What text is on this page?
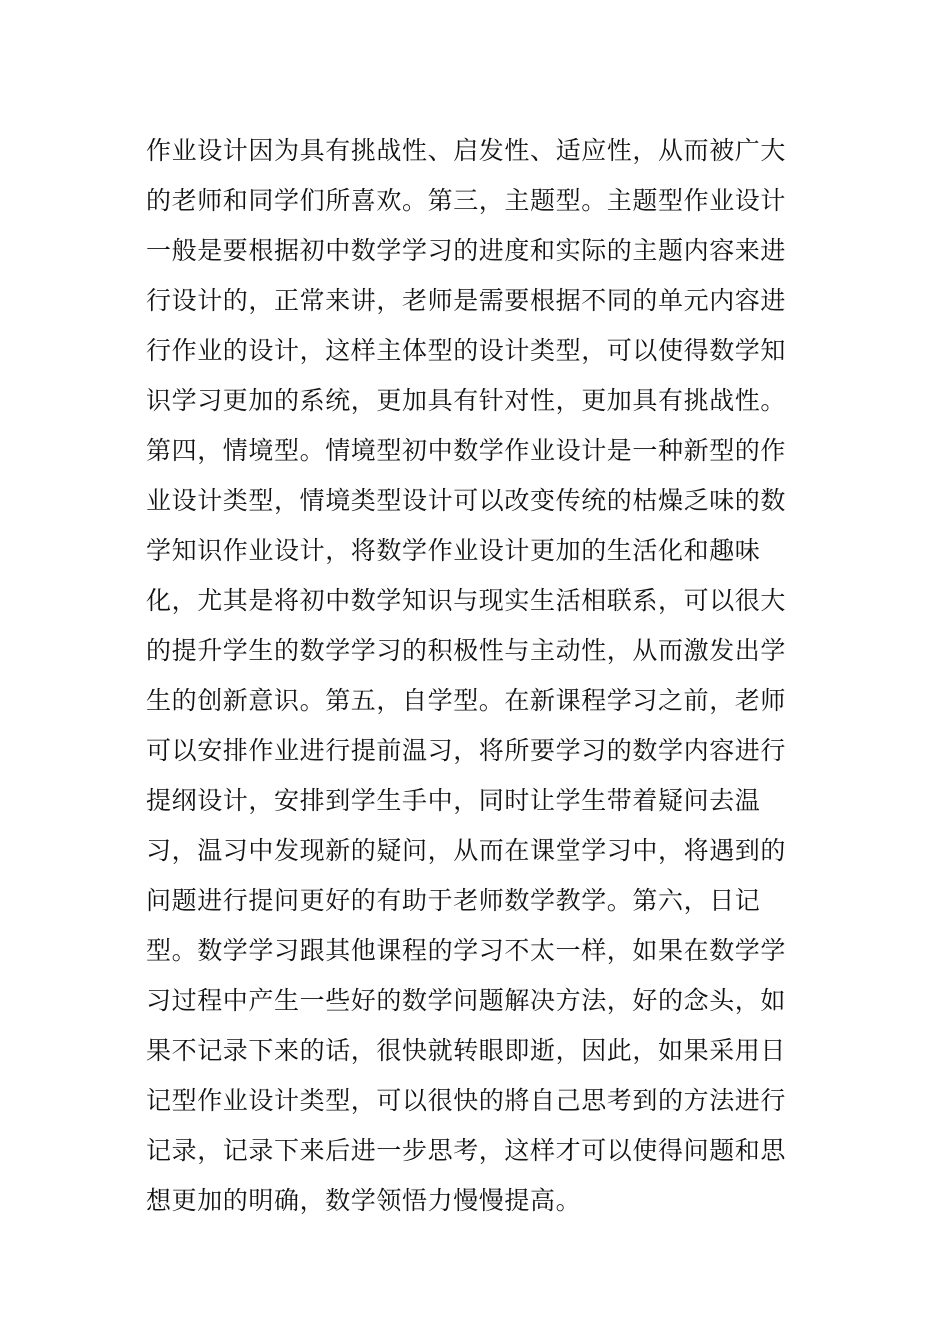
作业设计因为具有挑战性、启发性、适应性，从而被广大
的老师和同学们所喜欢。第三，主题型。主题型作业设计
一般是要根据初中数学学习的进度和实际的主题内容来进
行设计的，正常来讲，老师是需要根据不同的单元内容进
行作业的设计，这样主体型的设计类型，可以使得数学知
识学习更加的系统，更加具有针对性，更加具有挑战性。
第四，情境型。情境型初中数学作业设计是一种新型的作
业设计类型，情境类型设计可以改变传统的枯燥乏味的数
学知识作业设计，将数学作业设计更加的生活化和趣味
化，尤其是将初中数学知识与现实生活相联系，可以很大
的提升学生的数学学习的积极性与主动性，从而激发出学
生的创新意识。第五，自学型。在新课程学习之前，老师
可以安排作业进行提前温习，将所要学习的数学内容进行
提纲设计，安排到学生手中，同时让学生带着疑问去温
习，温习中发现新的疑问，从而在课堂学习中，将遇到的
问题进行提问更好的有助于老师数学教学。第六，日记
型。数学学习跟其他课程的学习不太一样，如果在数学学
习过程中产生一些好的数学问题解决方法，好的念头，如
果不记录下来的话，很快就转眼即逝，因此，如果采用日
记型作业设计类型，可以很快的將自己思考到的方法进行
记录，记录下来后进一步思考，这样才可以使得问题和思
想更加的明确，数学领悟力慢慢提高。
